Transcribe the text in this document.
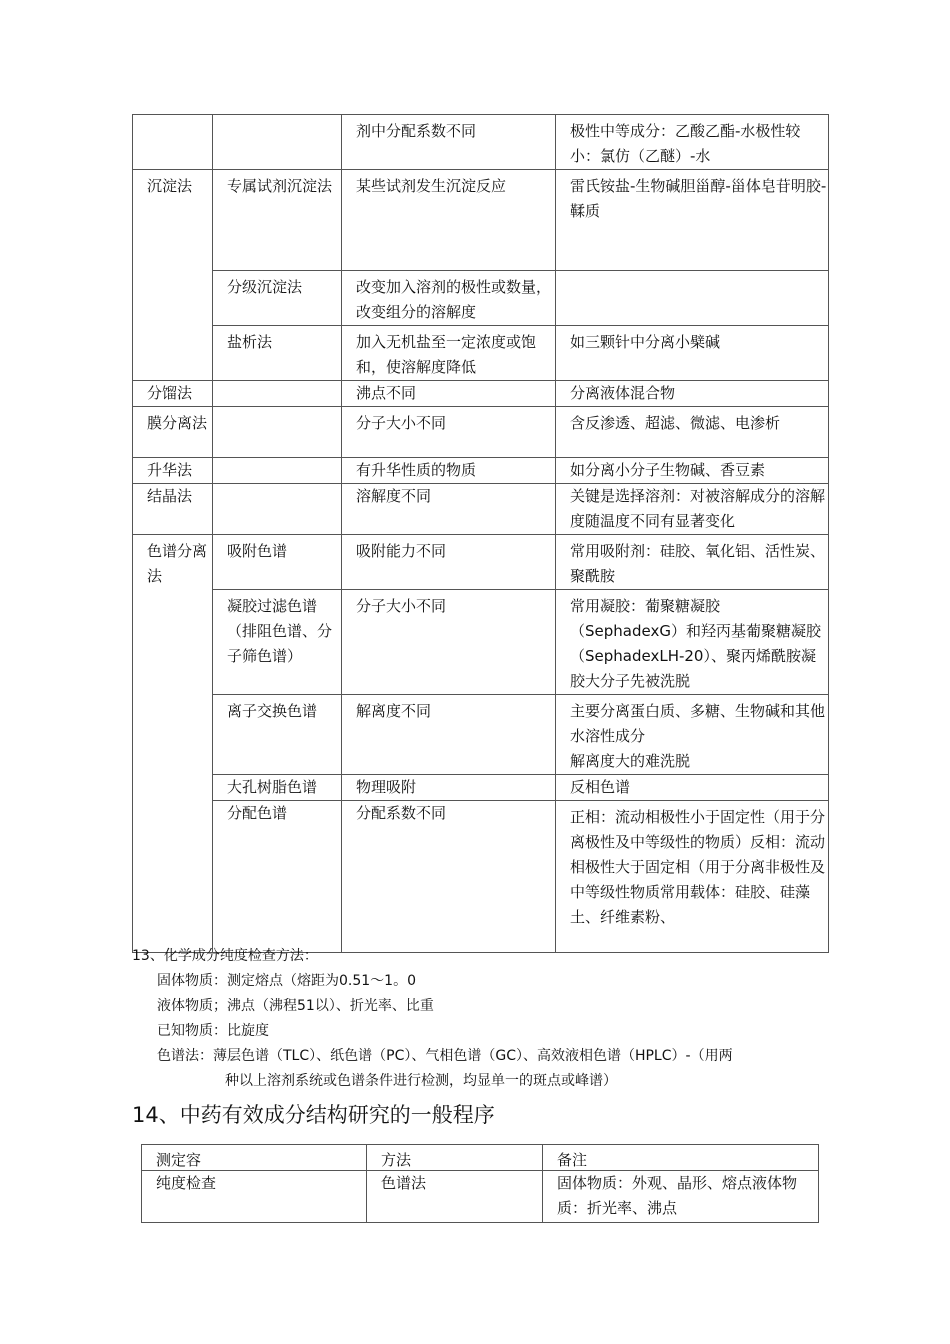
		剂中分配系数不同	极性中等成分：乙酸乙酯-水极性较小：氯仿（乙醚）-水
沉淀法	专属试剂沉淀法	某些试剂发生沉淀反应	雷氏铵盐-生物碱胆甾醇-甾体皂苷明胶-鞣质
	分级沉淀法	改变加入溶剂的极性或数量，改变组分的溶解度	
	盐析法	加入无机盐至一定浓度或饱和，使溶解度降低	如三颗针中分离小檗碱
分馏法		沸点不同	分离液体混合物
膜分离法		分子大小不同	含反渗透、超滤、微滤、电渗析
升华法		有升华性质的物质	如分离小分子生物碱、香豆素
结晶法		溶解度不同	关键是选择溶剂：对被溶解成分的溶解度随温度不同有显著变化
色谱分离法	吸附色谱	吸附能力不同	常用吸附剂：硅胶、氧化铝、活性炭、聚酰胺
	凝胶过滤色谱（排阻色谱、分子筛色谱）	分子大小不同	常用凝胶：葡聚糖凝胶（SephadexG）和羟丙基葡聚糖凝胶（SephadexLH-20）、聚丙烯酰胺凝胶大分子先被洗脱
	离子交换色谱	解离度不同	主要分离蛋白质、多糖、生物碱和其他水溶性成分
解离度大的难洗脱

	大孔树脂色谱	物理吸附	反相色谱
	分配色谱	分配系数不同	正相：流动相极性小于固定性（用于分离极性及中等级性的物质）反相：流动相极性大于固定相（用于分离非极性及中等级性物质常用载体：硅胶、硅藻土、纤维素粉、
13、化学成分纯度检查方法：
固体物质：测定熔点（熔距为0.51～1。0
液体物质；沸点（沸程51以）、折光率、比重
已知物质：比旋度
色谱法：薄层色谱（TLC）、纸色谱（PC）、气相色谱（GC）、高效液相色谱（HPLC）-（用两
种以上溶剂系统或色谱条件进行检测，均显单一的斑点或峰谱）
14、中药有效成分结构研究的一般程序
测定容	方法	备注
纯度检查	色谱法	固体物质：外观、晶形、熔点液体物质：折光率、沸点
